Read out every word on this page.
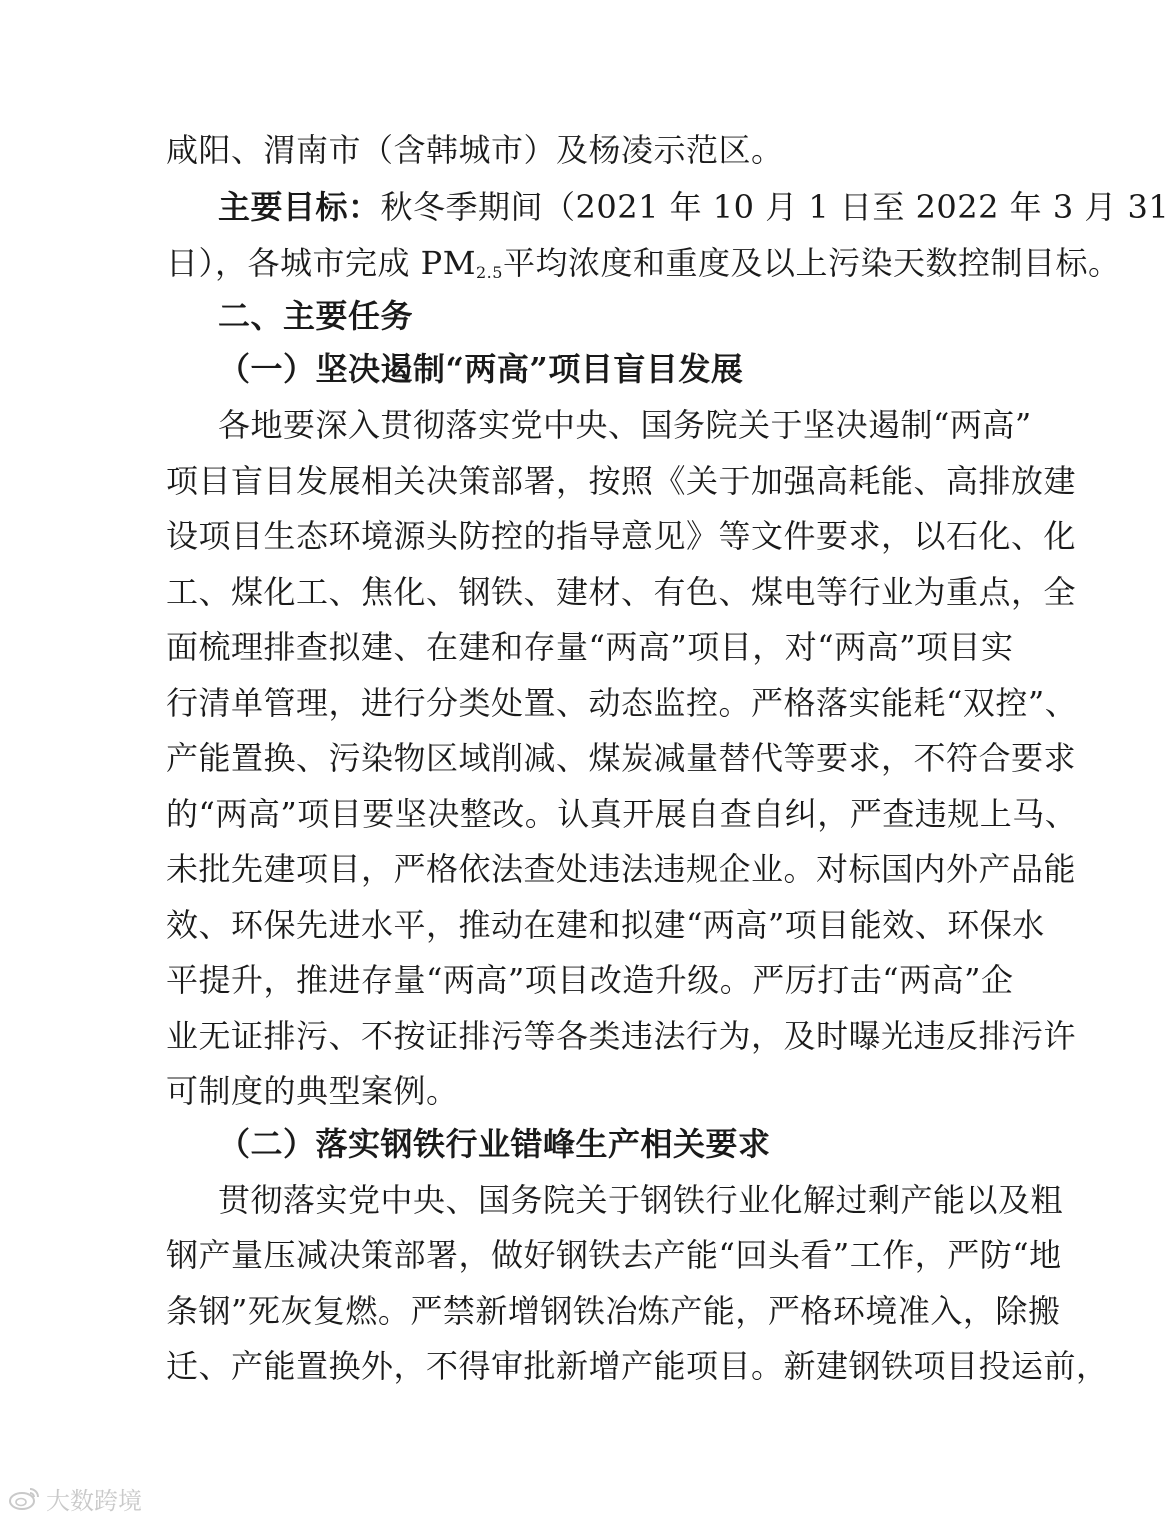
咸阳、渭南市（含韩城市）及杨凌示范区。
主要目标：秋冬季期间（2021 年 10 月 1 日至 2022 年 3 月 31
日），各城市完成 $PM_{2.5}$平均浓度和重度及以上污染天数控制目标。
二、主要任务
（一）坚决遏制“两高”项目盲目发展
各地要深入贯彻落实党中央、国务院关于坚决遏制“两高”
项目盲目发展相关决策部署，按照《关于加强高耗能、高排放建
设项目生态环境源头防控的指导意见》等文件要求，以石化、化
工、煤化工、焦化、钢铁、建材、有色、煤电等行业为重点，全
面梳理排查拟建、在建和存量“两高”项目，对“两高”项目实
行清单管理，进行分类处置、动态监控。严格落实能耗“双控”、
产能置换、污染物区域削减、煤炭减量替代等要求，不符合要求
的“两高”项目要坚决整改。认真开展自查自纠，严查违规上马、
未批先建项目，严格依法查处违法违规企业。对标国内外产品能
效、环保先进水平，推动在建和拟建“两高”项目能效、环保水
平提升，推进存量“两高”项目改造升级。严厉打击“两高”企
业无证排污、不按证排污等各类违法行为，及时曝光违反排污许
可制度的典型案例。
（二）落实钢铁行业错峰生产相关要求
贯彻落实党中央、国务院关于钢铁行业化解过剩产能以及粗
钢产量压减决策部署，做好钢铁去产能“回头看”工作，严防“地
条钢”死灰复燃。严禁新增钢铁冶炼产能，严格环境准入，除搬
迁、产能置换外，不得审批新增产能项目。新建钢铁项目投运前，
大数跨境
